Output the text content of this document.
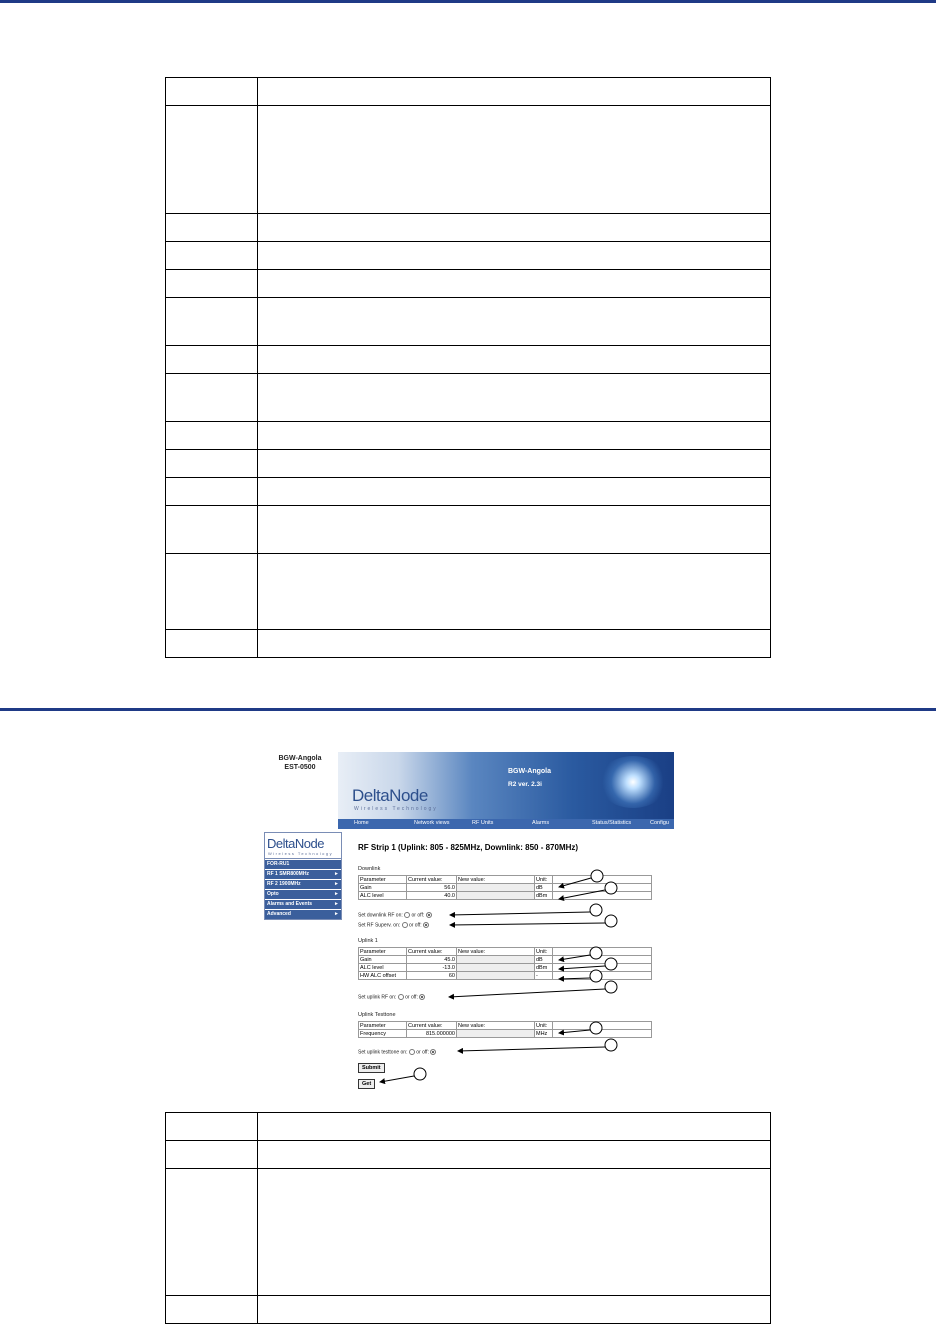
BGW-Angola
EST-0500
DeltaNode
Wireless Technology
BGW-Angola
R2 ver. 2.3i
Home	Network views	RF Units	Alarms	Status/Statistics	Configu
DeltaNode
Wireless Technology
FOR-RU1
RF 1 SMR800MHz	►
RF 2 1900MHz	►
Opto	►
Alarms and Events	►
Advanced	►
RF Strip 1 (Uplink: 805 - 825MHz, Downlink: 850 - 870MHz)
Downlink
Parameter	Current value:	New value:	Unit:	
Gain	56.0		dB	
ALC level	40.0		dBm	
Set downlink RF on: or off:
Set RF Superv. on: or off:
Uplink 1
Parameter	Current value:	New value:	Unit:	
Gain	45.0		dB	
ALC level	-13.0		dBm	
HW ALC offset	60		-	
Set uplink RF on: or off:
Uplink Testtone
Parameter	Current value:	New value:	Unit:	
Frequency	815.000000		MHz	
Set uplink testtone on: or off:
Submit
Get
